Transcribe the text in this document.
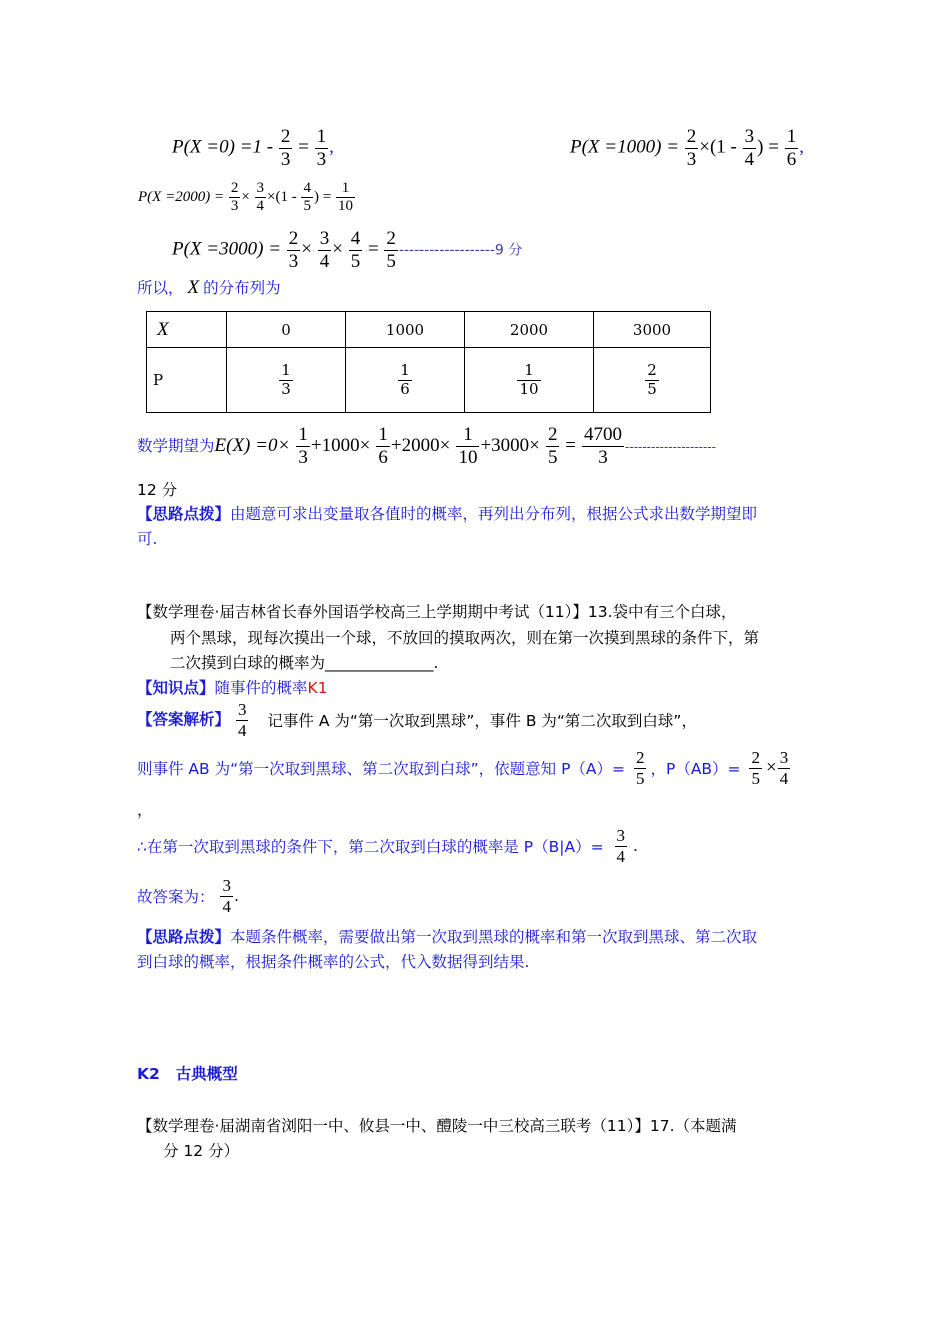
$P(X =0) =1 - \frac{2}{3} = \frac{1}{3}$ ,	$P(X =1000) = \frac{2}{3} \times(1 - \frac{3}{4}$ ) = $\frac{1}{6}$ ,
$P(X =2000) = \frac{2}{3} \times \frac{3}{4} \times(1 - \frac{4}{5}$ ) = $\frac{1}{10}$
$P(X =3000) = \frac{2}{3} \times \frac{3}{4} \times \frac{4}{5} = \frac{2}{5} -------------------9$ 分
所以， X 的分布列为
X	0	1000	2000	3000
P	$\frac{1}{3}$	$\frac{1}{6}$	$\frac{1}{10}$	$\frac{2}{5}$
数学期望为$E(X) =0\times \frac{1}{3} +1000\times \frac{1}{6} +2000\times \frac{1}{10} +3000\times \frac{2}{5} = \frac{4700}{3}$ ---------------------
12 分
【思路点拨】由题意可求出变量取各值时的概率，再列出分布列，根据公式求出数学期望即
可.
【数学理卷·届吉林省长春外国语学校高三上学期期中考试（11）】13.袋中有三个白球，
两个黑球，现每次摸出一个球，不放回的摸取两次，则在第一次摸到黑球的条件下，第
二次摸到白球的概率为______________.
【知识点】随事件的概率K1
【答案解析】 $\frac{3}{4}$ 记事件 A 为“第一次取到黑球”，事件 B 为“第二次取到白球”，
则事件 AB 为“第一次取到黑球、第二次取到白球”，依题意知 $P(A)= \frac{2}{5}$ ，$P(AB)= \frac{2}{5} \times \frac{3}{4}$
，
∴在第一次取到黑球的条件下，第二次取到白球的概率是 $P(B|A)= \frac{3}{4}$ .
故答案为： $\frac{3}{4}$ .
【思路点拨】本题条件概率，需要做出第一次取到黑球的概率和第一次取到黑球、第二次取
到白球的概率，根据条件概率的公式，代入数据得到结果.
K2 古典概型
【数学理卷·届湖南省浏阳一中、攸县一中、醴陵一中三校高三联考（11）】17.（本题满
分 12 分）
